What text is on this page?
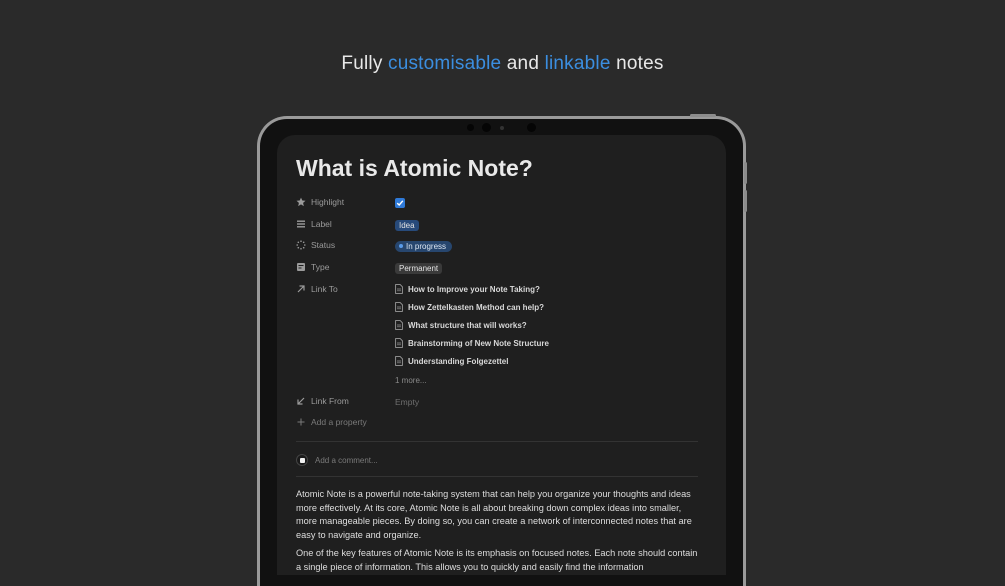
Fully customisable and linkable notes
What is Atomic Note?
Highlight
Label	Idea
Status	In progress
Type	Permanent
Link To	How to Improve your Note Taking?
How Zettelkasten Method can help?
What structure that will works?
Brainstorming of New Note Structure
Understanding Folgezettel
1 more...
Link From	Empty
Add a property
Add a comment...
Atomic Note is a powerful note-taking system that can help you organize your thoughts and ideas more effectively. At its core, Atomic Note is all about breaking down complex ideas into smaller, more manageable pieces. By doing so, you can create a network of interconnected notes that are easy to navigate and organize.
One of the key features of Atomic Note is its emphasis on focused notes. Each note should contain a single piece of information. This allows you to quickly and easily find the information
